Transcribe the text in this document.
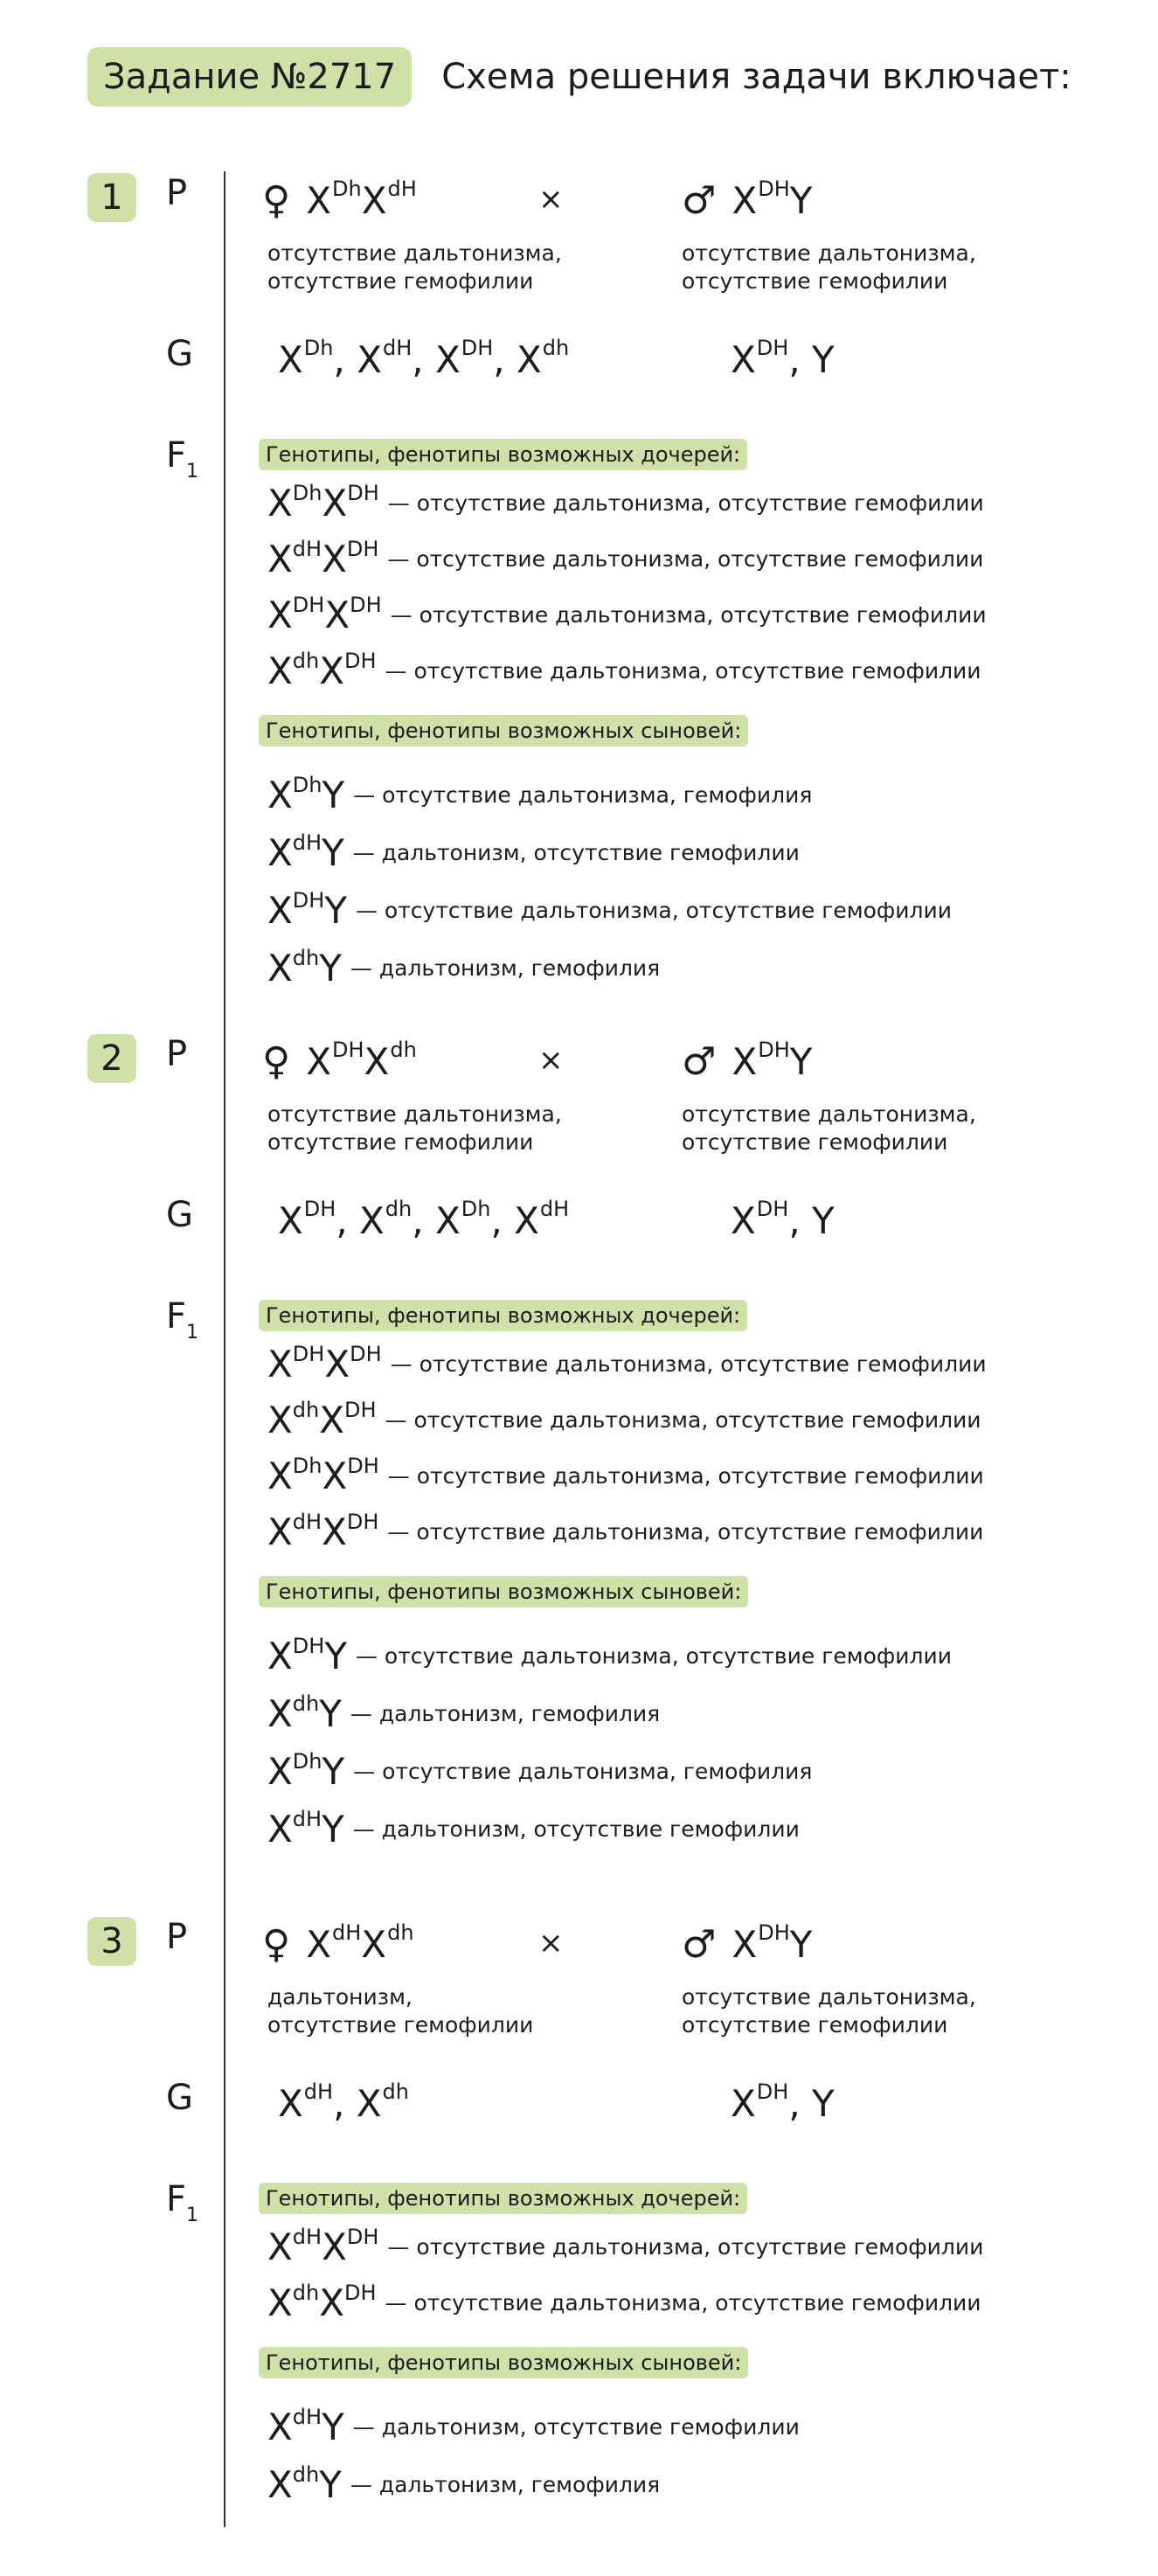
Задание №2717	Схема решения задачи включает:
1	P ♀ $X^{Dh}X^{dH}$	×	♂ $X^{DH}Y$
отсутствие дальтонизма,
отсутствие гемофилии
отсутствие дальтонизма,
отсутствие гемофилии
G $X^{Dh}$, $X^{dH}$, $X^{DH}$, $X^{dh}$	$X^{DH}$, Y
$F_1$
Генотипы, фенотипы возможных дочерей:
$X^{Dh}X^{DH}$ — отсутствие дальтонизма, отсутствие гемофилии
$X^{dH}X^{DH}$ — отсутствие дальтонизма, отсутствие гемофилии
$X^{DH}X^{DH}$ — отсутствие дальтонизма, отсутствие гемофилии
$X^{dh}X^{DH}$ — отсутствие дальтонизма, отсутствие гемофилии
Генотипы, фенотипы возможных сыновей:
$X^{Dh}Y$ — отсутствие дальтонизма, гемофилия
$X^{dH}Y$ — дальтонизм, отсутствие гемофилии
$X^{DH}Y$ — отсутствие дальтонизма, отсутствие гемофилии
$X^{dh}Y$ — дальтонизм, гемофилия
2	P ♀ $X^{DH}X^{dh}$	×	♂ $X^{DH}Y$
отсутствие дальтонизма,
отсутствие гемофилии
отсутствие дальтонизма,
отсутствие гемофилии
G $X^{DH}$, $X^{dh}$, $X^{Dh}$, $X^{dH}$	$X^{DH}$, Y
$F_1$
Генотипы, фенотипы возможных дочерей:
$X^{DH}X^{DH}$ — отсутствие дальтонизма, отсутствие гемофилии
$X^{dh}X^{DH}$ — отсутствие дальтонизма, отсутствие гемофилии
$X^{Dh}X^{DH}$ — отсутствие дальтонизма, отсутствие гемофилии
$X^{dH}X^{DH}$ — отсутствие дальтонизма, отсутствие гемофилии
Генотипы, фенотипы возможных сыновей:
$X^{DH}Y$ — отсутствие дальтонизма, отсутствие гемофилии
$X^{dh}Y$ — дальтонизм, гемофилия
$X^{Dh}Y$ — отсутствие дальтонизма, гемофилия
$X^{dH}Y$ — дальтонизм, отсутствие гемофилии
3	P ♀ $X^{dH}X^{dh}$	×	♂ $X^{DH}Y$
дальтонизм,
отсутствие гемофилии
отсутствие дальтонизма,
отсутствие гемофилии
G $X^{dH}$, $X^{dh}$	$X^{DH}$, Y
$F_1$
Генотипы, фенотипы возможных дочерей:
$X^{dH}X^{DH}$ — отсутствие дальтонизма, отсутствие гемофилии
$X^{dh}X^{DH}$ — отсутствие дальтонизма, отсутствие гемофилии
Генотипы, фенотипы возможных сыновей:
$X^{dH}Y$ — дальтонизм, отсутствие гемофилии
$X^{dh}Y$ — дальтонизм, гемофилия
